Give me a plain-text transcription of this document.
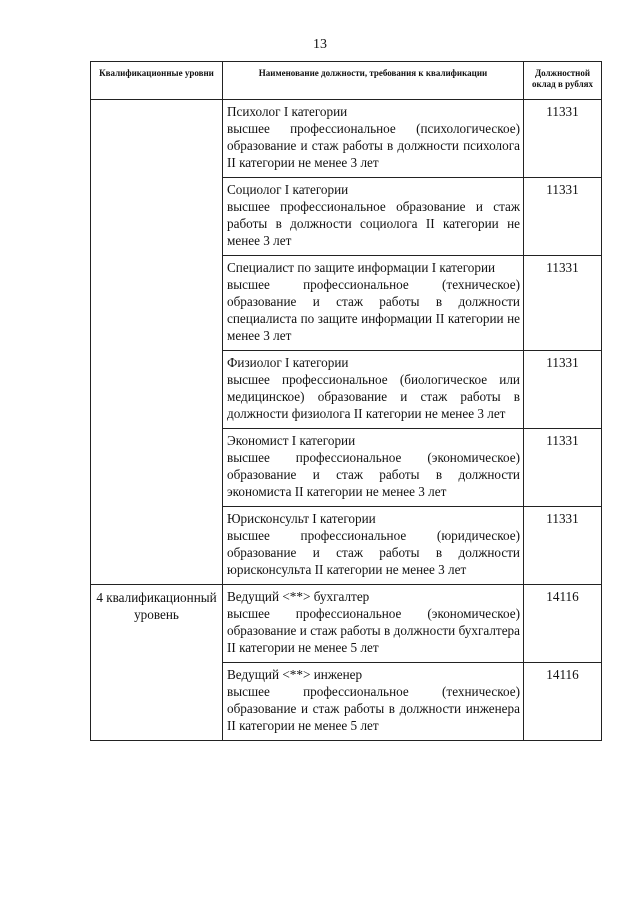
13
Квалификационные уровни	Наименование должности, требования к квалификации	Должностной оклад в рублях

	Психолог I категории
высшее профессиональное (психологическое) образование и стаж работы в должности психолога II категории не менее 3 лет	11331

	Социолог I категории
высшее профессиональное образование и стаж работы в должности социолога II категории не менее 3 лет	11331

	Специалист по защите информации I категории
высшее профессиональное (техническое) образование и стаж работы в должности специалиста по защите информации II категории не менее 3 лет	11331

	Физиолог I категории
высшее профессиональное (биологическое или медицинское) образование и стаж работы в должности физиолога II категории не менее 3 лет	11331

	Экономист I категории
высшее профессиональное (экономическое) образование и стаж работы в должности экономиста II категории не менее 3 лет	11331

	Юрисконсульт I категории
высшее профессиональное (юридическое) образование и стаж работы в должности юрисконсульта II категории не менее 3 лет	11331
4 квалификационный уровень	Ведущий <**> бухгалтер
высшее профессиональное (экономическое) образование и стаж работы в должности бухгалтера II категории не менее 5 лет	14116

	Ведущий <**> инженер
высшее профессиональное (техническое) образование и стаж работы в должности инженера II категории не менее 5 лет	14116
